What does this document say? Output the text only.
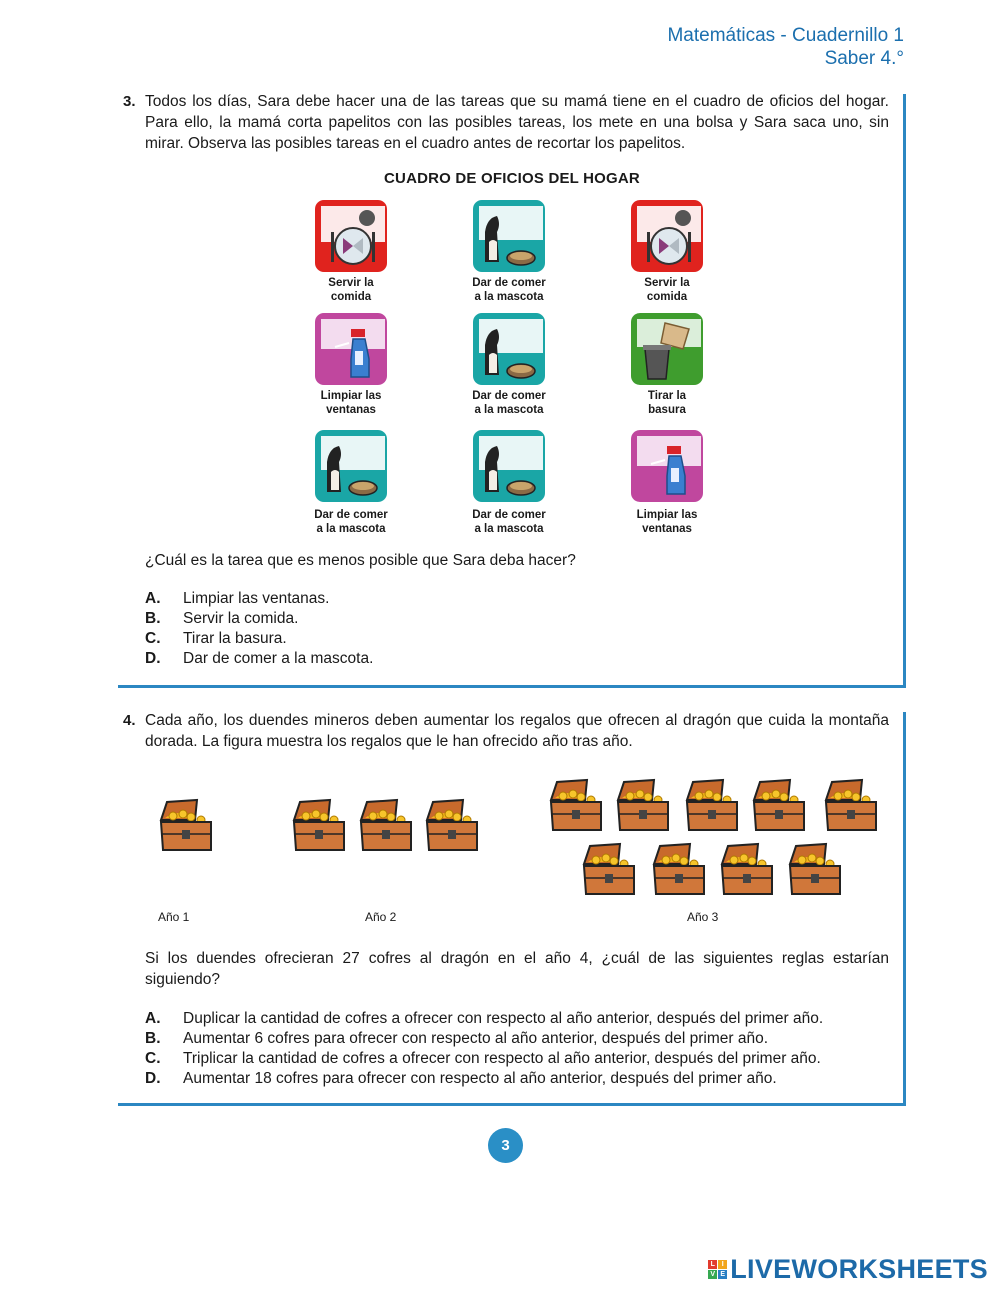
Matemáticas - Cuadernillo 1
Saber 4.°
3. Todos los días, Sara debe hacer una de las tareas que su mamá tiene en el cuadro de oficios del hogar. Para ello, la mamá corta papelitos con las posibles tareas, los mete en una bolsa y Sara saca uno, sin mirar. Observa las posibles tareas en el cuadro antes de recortar los papelitos.
CUADRO DE OFICIOS DEL HOGAR
Servir la
comida
Dar de comer
a la mascota
Servir la
comida
Limpiar las
ventanas
Dar de comer
a la mascota
Tirar la
basura
Dar de comer
a la mascota
Dar de comer
a la mascota
Limpiar las
ventanas
¿Cuál es la tarea que es menos posible que Sara deba hacer?
A.	Limpiar las ventanas.
B.	Servir la comida.
C.	Tirar la basura.
D.	Dar de comer a la mascota.
4. Cada año, los duendes mineros deben aumentar los regalos que ofrecen al dragón que cuida la montaña dorada. La figura muestra los regalos que le han ofrecido año tras año.
Año 1	Año 2	Año 3
Si los duendes ofrecieran 27 cofres al dragón en el año 4, ¿cuál de las siguientes reglas estarían siguiendo?
A.	Duplicar la cantidad de cofres a ofrecer con respecto al año anterior, después del primer año.
B.	Aumentar 6 cofres para ofrecer con respecto al año anterior, después del primer año.
C.	Triplicar la cantidad de cofres a ofrecer con respecto al año anterior, después del primer año.
D.	Aumentar 18 cofres para ofrecer con respecto al año anterior, después del primer año.
3
L I
V E LIVEWORKSHEETS
